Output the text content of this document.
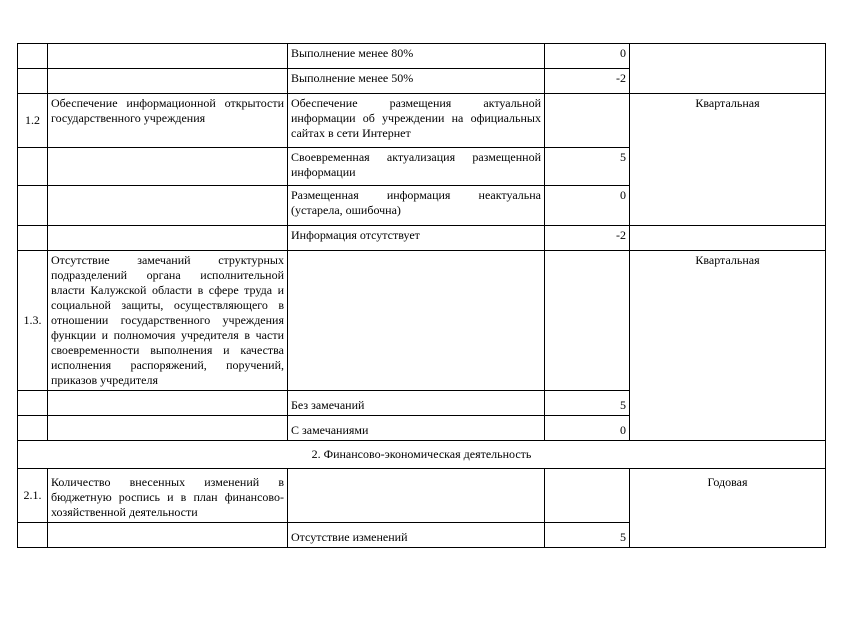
		Выполнение менее 80%	0	
		Выполнение менее 50%	-2	
1.2	Обеспечение информационной открытости государственного учреждения	Обеспечение размещения актуальной информации об учреждении на официальных сайтах в сети Интернет		Квартальная
		Своевременная актуализация размещенной информации	5	
		Размещенная информация неактуальна (устарела, ошибочна)	0	
		Информация отсутствует	-2	
1.3.	Отсутствие замечаний структурных подразделений органа исполнительной власти Калужской области в сфере труда и социальной защиты, осуществляющего в отношении государственного учреждения функции и полномочия учредителя в части своевременности выполнения и качества исполнения распоряжений, поручений, приказов учредителя			Квартальная
		Без замечаний	5	
		С замечаниями	0	
2. Финансово-экономическая деятельность				
2.1.	Количество внесенных изменений в бюджетную роспись и в план финансово-хозяйственной деятельности			Годовая
		Отсутствие изменений	5	
